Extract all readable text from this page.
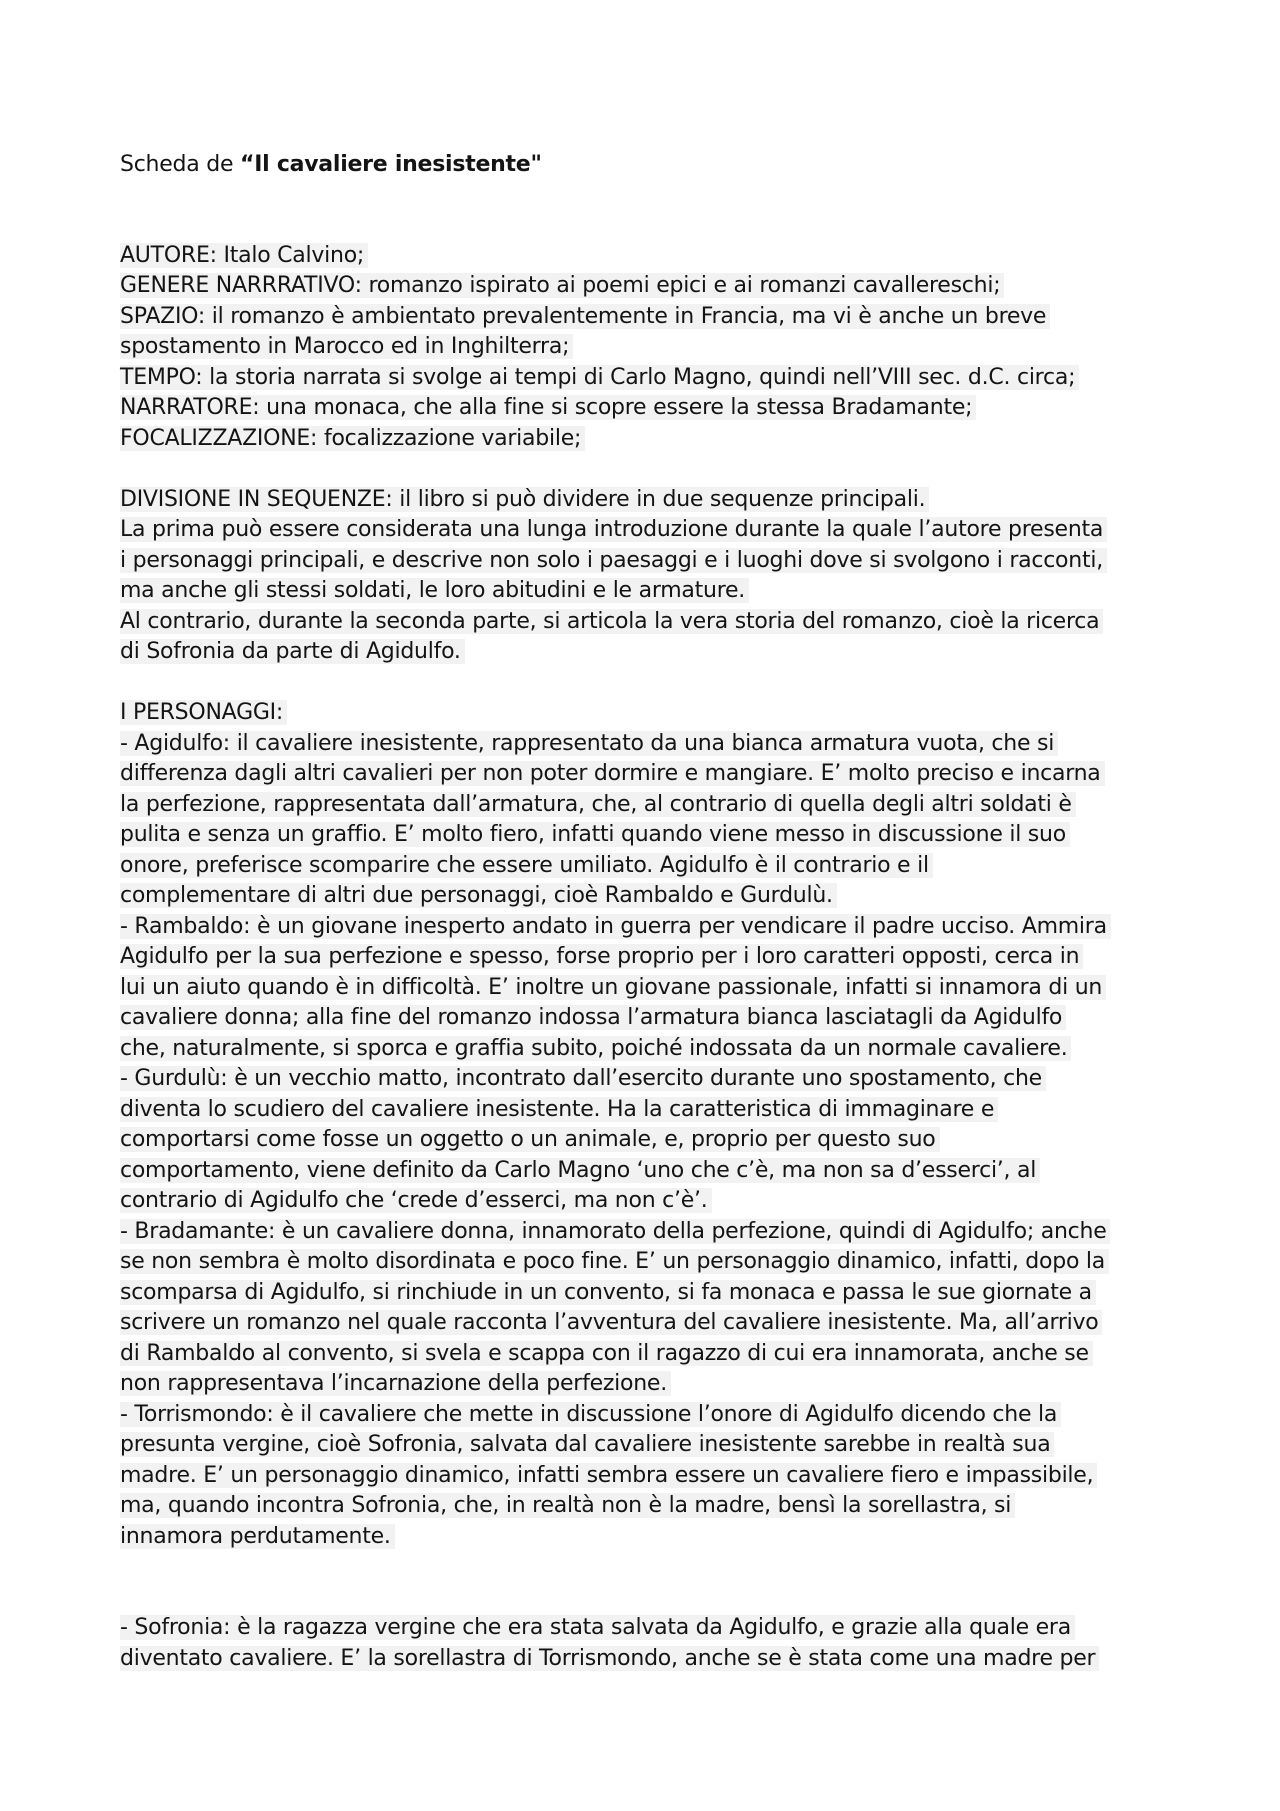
Scheda de “Il cavaliere inesistente"
AUTORE: Italo Calvino;
GENERE NARRRATIVO: romanzo ispirato ai poemi epici e ai romanzi cavallereschi;
SPAZIO: il romanzo è ambientato prevalentemente in Francia, ma vi è anche un breve
spostamento in Marocco ed in Inghilterra;
TEMPO: la storia narrata si svolge ai tempi di Carlo Magno, quindi nell’VIII sec. d.C. circa;
NARRATORE: una monaca, che alla fine si scopre essere la stessa Bradamante;
FOCALIZZAZIONE: focalizzazione variabile;
DIVISIONE IN SEQUENZE: il libro si può dividere in due sequenze principali.
La prima può essere considerata una lunga introduzione durante la quale l’autore presenta
i personaggi principali, e descrive non solo i paesaggi e i luoghi dove si svolgono i racconti,
ma anche gli stessi soldati, le loro abitudini e le armature.
Al contrario, durante la seconda parte, si articola la vera storia del romanzo, cioè la ricerca
di Sofronia da parte di Agidulfo.
I PERSONAGGI:
- Agidulfo: il cavaliere inesistente, rappresentato da una bianca armatura vuota, che si
differenza dagli altri cavalieri per non poter dormire e mangiare. E’ molto preciso e incarna
la perfezione, rappresentata dall’armatura, che, al contrario di quella degli altri soldati è
pulita e senza un graffio. E’ molto fiero, infatti quando viene messo in discussione il suo
onore, preferisce scomparire che essere umiliato. Agidulfo è il contrario e il
complementare di altri due personaggi, cioè Rambaldo e Gurdulù.
- Rambaldo: è un giovane inesperto andato in guerra per vendicare il padre ucciso. Ammira
Agidulfo per la sua perfezione e spesso, forse proprio per i loro caratteri opposti, cerca in
lui un aiuto quando è in difficoltà. E’ inoltre un giovane passionale, infatti si innamora di un
cavaliere donna; alla fine del romanzo indossa l’armatura bianca lasciatagli da Agidulfo
che, naturalmente, si sporca e graffia subito, poiché indossata da un normale cavaliere.
- Gurdulù: è un vecchio matto, incontrato dall’esercito durante uno spostamento, che
diventa lo scudiero del cavaliere inesistente. Ha la caratteristica di immaginare e
comportarsi come fosse un oggetto o un animale, e, proprio per questo suo
comportamento, viene definito da Carlo Magno ‘uno che c’è, ma non sa d’esserci’, al
contrario di Agidulfo che ‘crede d’esserci, ma non c’è’.
- Bradamante: è un cavaliere donna, innamorato della perfezione, quindi di Agidulfo; anche
se non sembra è molto disordinata e poco fine. E’ un personaggio dinamico, infatti, dopo la
scomparsa di Agidulfo, si rinchiude in un convento, si fa monaca e passa le sue giornate a
scrivere un romanzo nel quale racconta l’avventura del cavaliere inesistente. Ma, all’arrivo
di Rambaldo al convento, si svela e scappa con il ragazzo di cui era innamorata, anche se
non rappresentava l’incarnazione della perfezione.
- Torrismondo: è il cavaliere che mette in discussione l’onore di Agidulfo dicendo che la
presunta vergine, cioè Sofronia, salvata dal cavaliere inesistente sarebbe in realtà sua
madre. E’ un personaggio dinamico, infatti sembra essere un cavaliere fiero e impassibile,
ma, quando incontra Sofronia, che, in realtà non è la madre, bensì la sorellastra, si
innamora perdutamente.
- Sofronia: è la ragazza vergine che era stata salvata da Agidulfo, e grazie alla quale era
diventato cavaliere. E’ la sorellastra di Torrismondo, anche se è stata come una madre per
